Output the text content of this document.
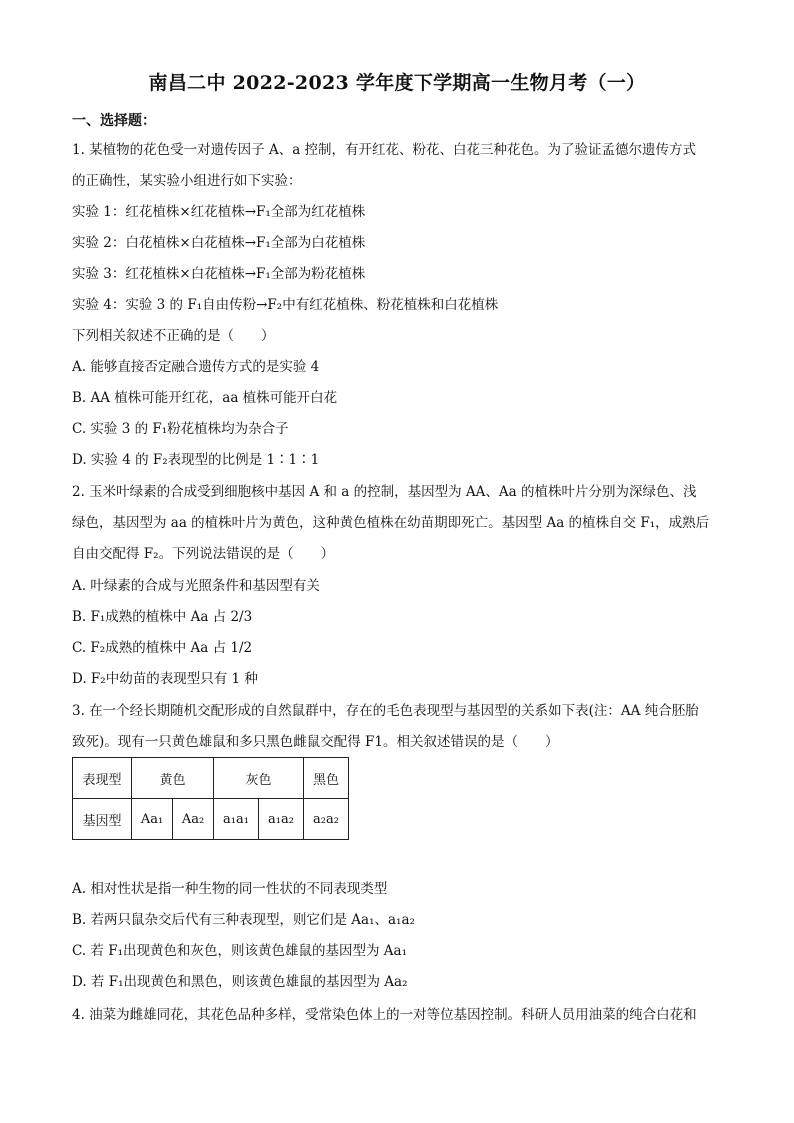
南昌二中 2022-2023 学年度下学期高一生物月考（一）
一、选择题：
1. 某植物的花色受一对遗传因子 A、a 控制，有开红花、粉花、白花三种花色。为了验证孟德尔遗传方式
的正确性，某实验小组进行如下实验：
实验 1：红花植株×红花植株→F₁全部为红花植株
实验 2：白花植株×白花植株→F₁全部为白花植株
实验 3：红花植株×白花植株→F₁全部为粉花植株
实验 4：实验 3 的 F₁自由传粉→F₂中有红花植株、粉花植株和白花植株
下列相关叙述不正确的是（　　）
A. 能够直接否定融合遗传方式的是实验 4
B. AA 植株可能开红花，aa 植株可能开白花
C. 实验 3 的 F₁粉花植株均为杂合子
D. 实验 4 的 F₂表现型的比例是 1∶1∶1
2. 玉米叶绿素的合成受到细胞核中基因 A 和 a 的控制，基因型为 AA、Aa 的植株叶片分别为深绿色、浅
绿色，基因型为 aa 的植株叶片为黄色，这种黄色植株在幼苗期即死亡。基因型 Aa 的植株自交 F₁，成熟后
自由交配得 F₂。下列说法错误的是（　　）
A. 叶绿素的合成与光照条件和基因型有关
B. F₁成熟的植株中 Aa 占 2/3
C. F₂成熟的植株中 Aa 占 1/2
D. F₂中幼苗的表现型只有 1 种
3. 在一个经长期随机交配形成的自然鼠群中，存在的毛色表现型与基因型的关系如下表(注：AA 纯合胚胎
致死)。现有一只黄色雄鼠和多只黑色雌鼠交配得 F1。相关叙述错误的是（　　）
表现型	黄色		灰色		黑色
基因型	Aa₁	Aa₂	a₁a₁	a₁a₂	a₂a₂
A. 相对性状是指一种生物的同一性状的不同表现类型
B. 若两只鼠杂交后代有三种表现型，则它们是 Aa₁、a₁a₂
C. 若 F₁出现黄色和灰色，则该黄色雄鼠的基因型为 Aa₁
D. 若 F₁出现黄色和黑色，则该黄色雄鼠的基因型为 Aa₂
4. 油菜为雌雄同花，其花色品种多样，受常染色体上的一对等位基因控制。科研人员用油菜的纯合白花和
